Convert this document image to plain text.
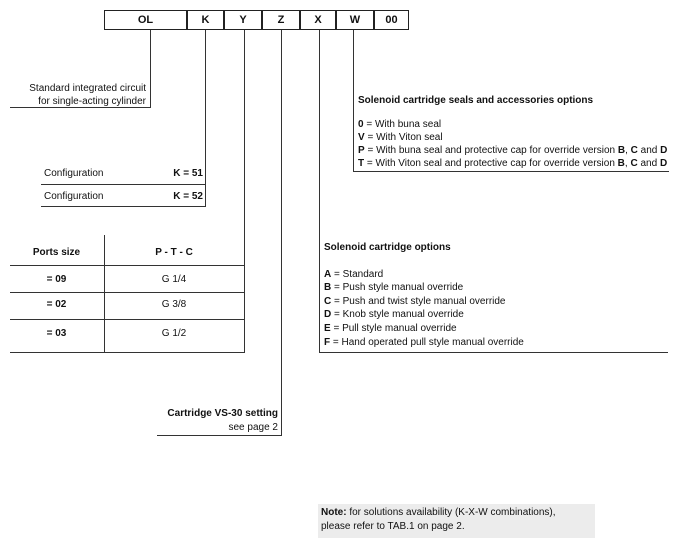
OL	K	Y	Z	X	W	00
Standard integrated circuit
for single-acting cylinder
Configuration	K = 51
Configuration	K = 52
Ports size	P - T - C
= 09	G 1/4
= 02	G 3/8
= 03	G 1/2
Cartridge VS-30 setting
see page 2
Solenoid cartridge seals and accessories options
0 = With buna seal
V = With Viton seal
P = With buna seal and protective cap for override version B, C and D
T = With Viton seal and protective cap for override version B, C and D
Solenoid cartridge options
A = Standard
B = Push style manual override
C = Push and twist style manual override
D = Knob style manual override
E = Pull style manual override
F = Hand operated pull style manual override
Note: for solutions availability (K-X-W combinations),
please refer to TAB.1 on page 2.
